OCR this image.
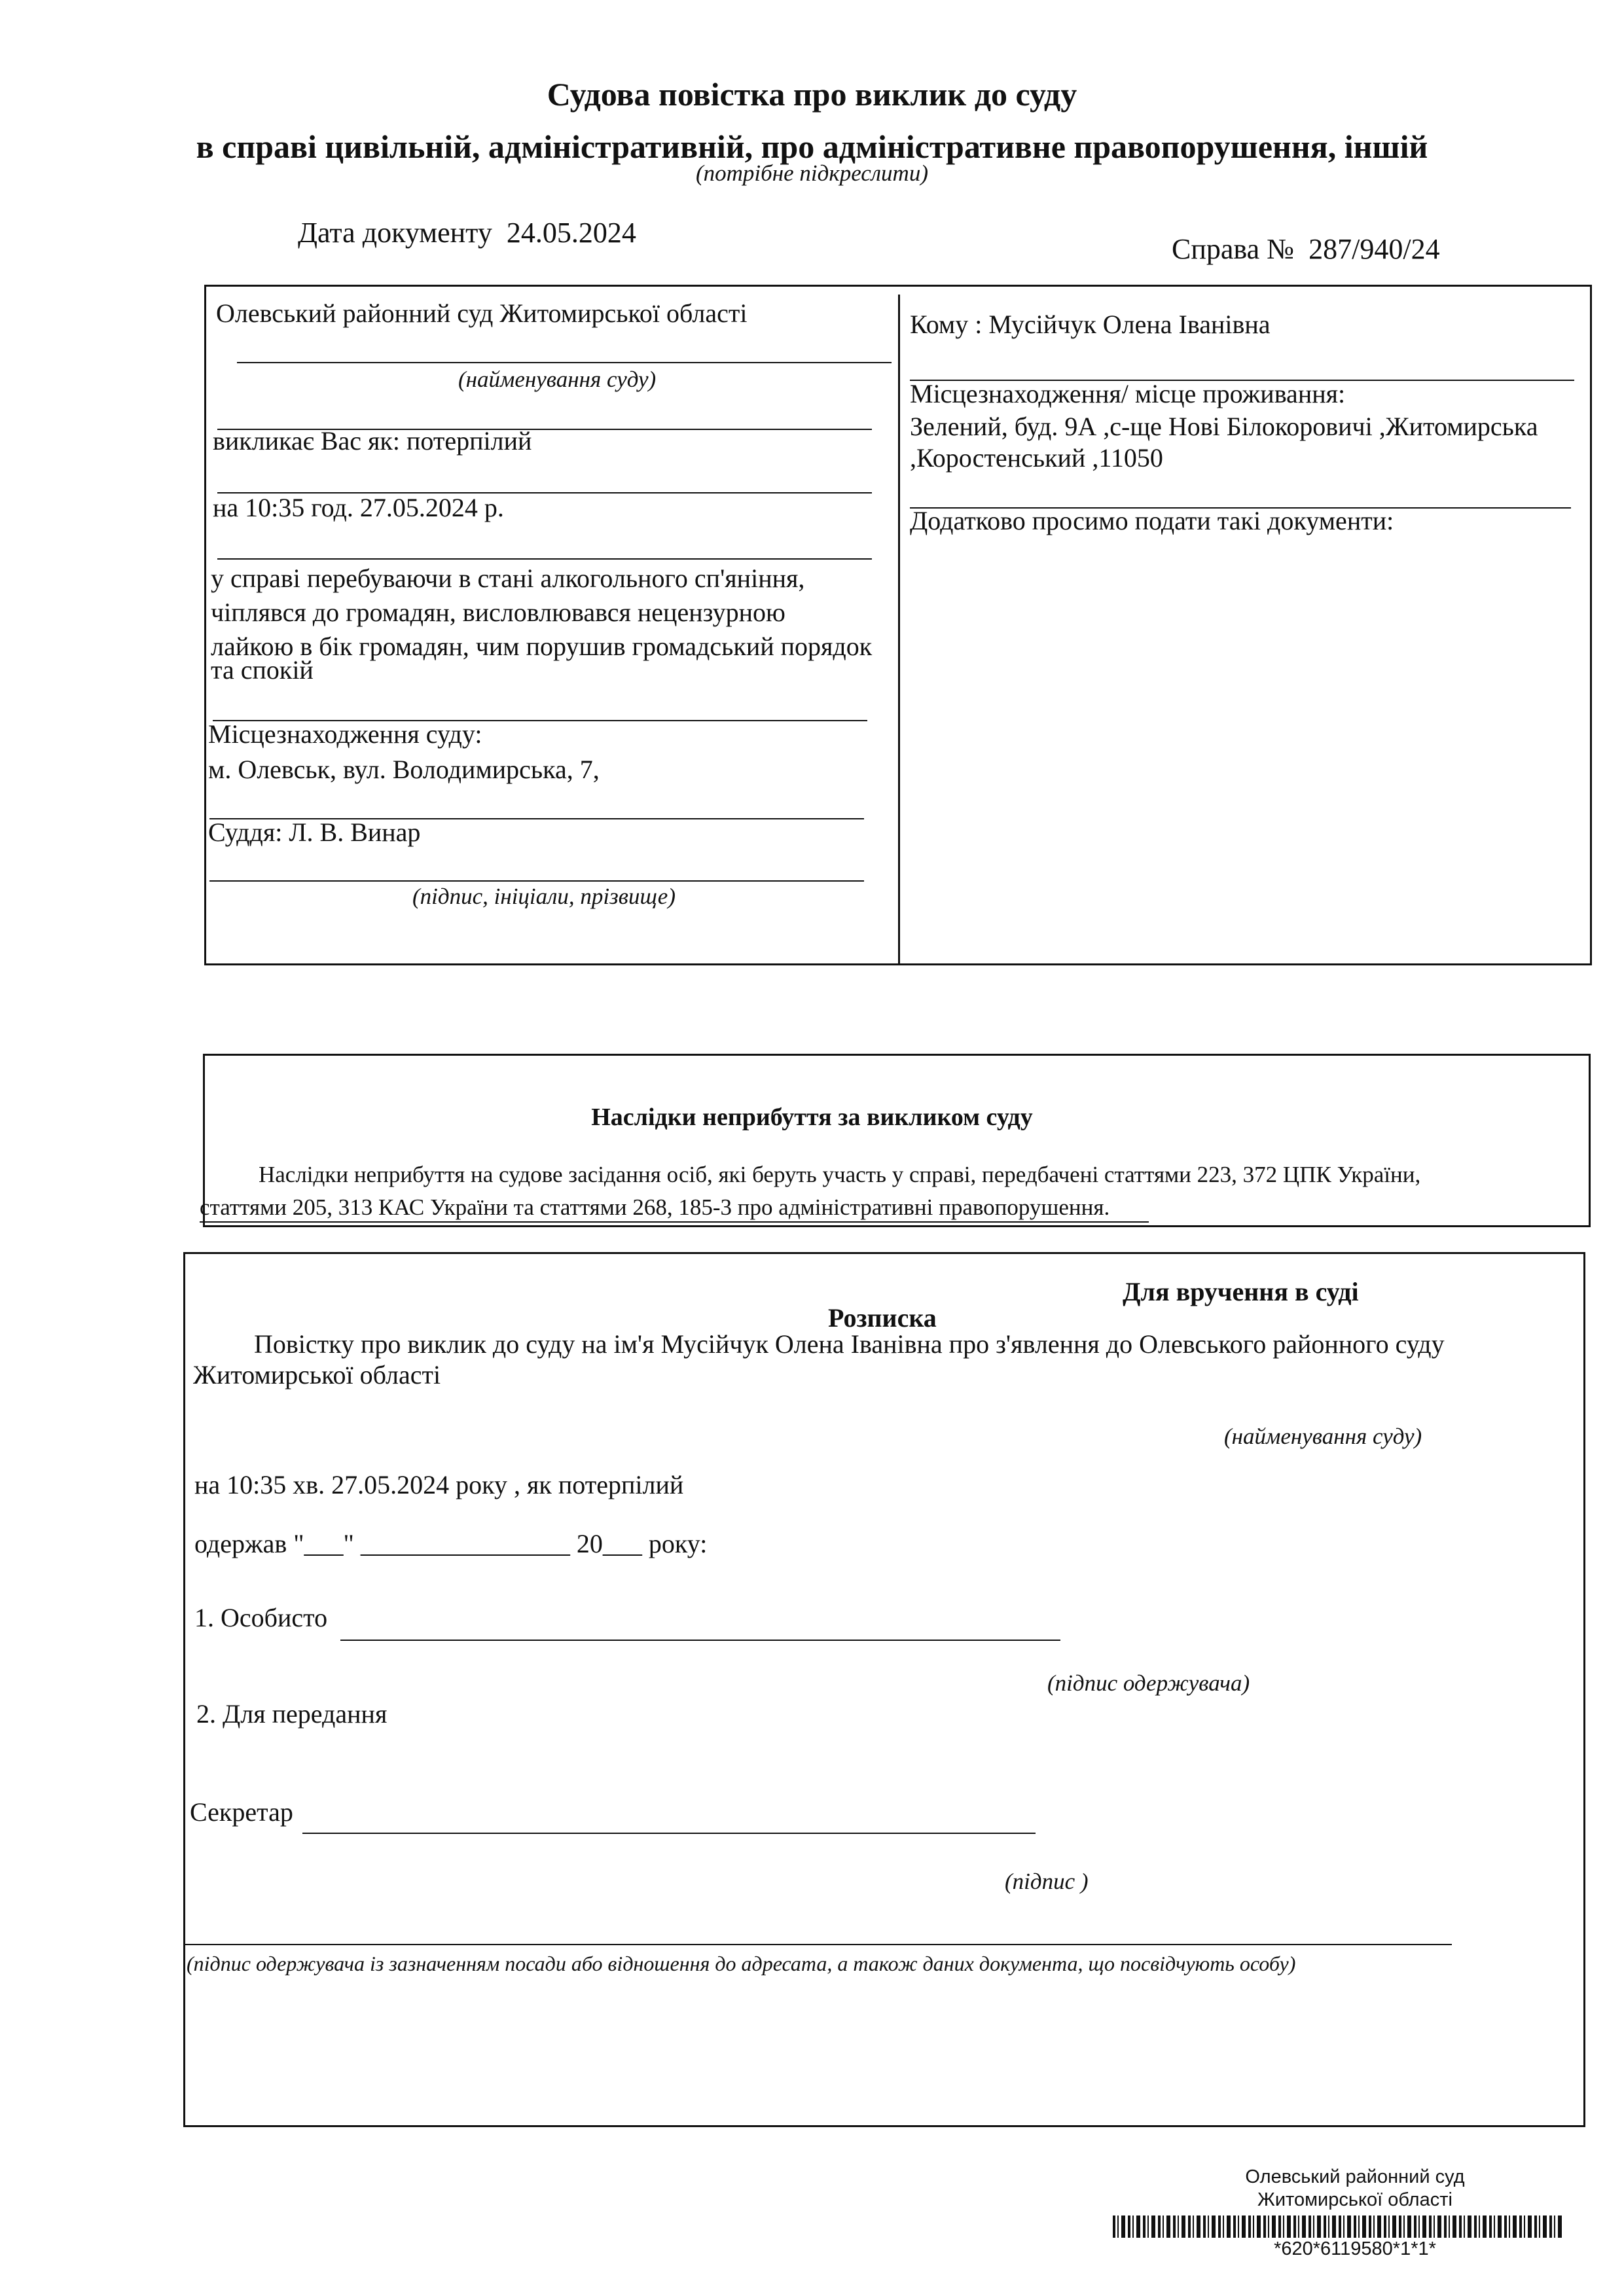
Судова повістка про виклик до суду
в справі цивільній, адміністративній, про адміністративне правопорушення, іншій
(потрібне підкреслити)
Дата документу 24.05.2024
Справа № 287/940/24
Олевський районний суд Житомирської області
(найменування суду)
викликає Вас як: потерпілий
на 10:35 год. 27.05.2024 р.
у справі перебуваючи в стані алкогольного сп'яніння,
чіплявся до громадян, висловлювався нецензурною
лайкою в бік громадян, чим порушив громадський порядок
та спокій
Місцезнаходження суду:
м. Олевськ, вул. Володимирська, 7,
Суддя: Л. В. Винар
(підпис, ініціали, прізвище)
Кому : Мусійчук Олена Іванівна
Місцезнаходження/ місце проживання:
Зелений, буд. 9А ,с-ще Нові Білокоровичі ,Житомирська
,Коростенський ,11050
Додатково просимо подати такі документи:
Наслідки неприбуття за викликом суду
Наслідки неприбуття на судове засідання осіб, які беруть участь у справі, передбачені статтями 223, 372 ЦПК України,
статтями 205, 313 КАС України та статтями 268, 185-3 про адміністративні правопорушення.
Для вручення в суді
Розписка
Повістку про виклик до суду на ім'я Мусійчук Олена Іванівна про з'явлення до Олевського районного суду
Житомирської області
(найменування суду)
на 10:35 хв. 27.05.2024 року , як потерпілий
одержав "___" ________________ 20___ року:
1. Особисто
(підпис одержувача)
2. Для передання
Секретар
(підпис )
(підпис одержувача із зазначенням посади або відношення до адресата, а також даних документа, що посвідчують особу)
Олевський районний суд
Житомирської області
*620*6119580*1*1*
